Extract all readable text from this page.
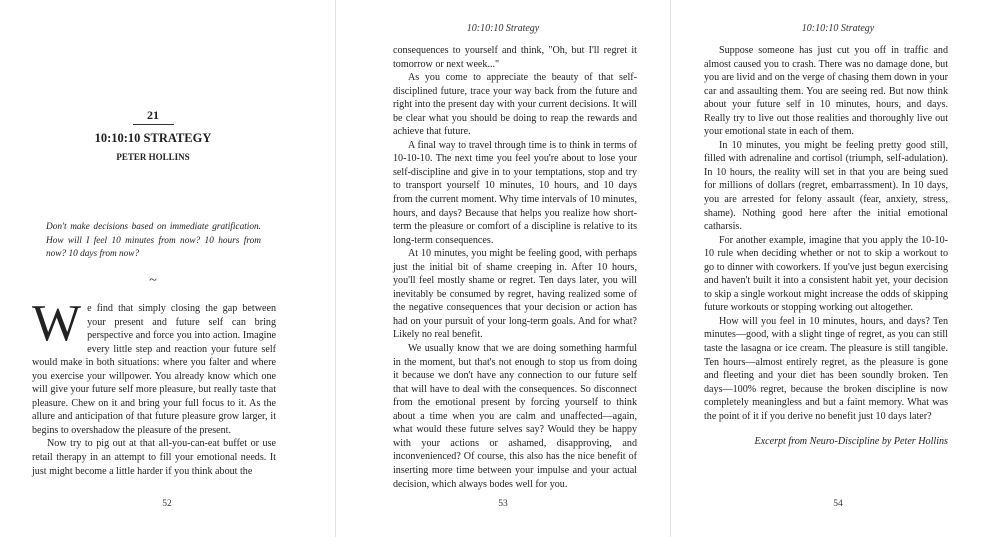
21
10:10:10 STRATEGY
PETER HOLLINS
Don't make decisions based on immediate gratification. How will I feel 10 minutes from now? 10 hours from now? 10 days from now?
~

We find that simply closing the gap between your present and future self can bring perspective and force you into action. Imagine every little step and reaction your future self would make in both situations: where you falter and where you exercise your willpower. You already know which one will give your future self more pleasure, but really taste that pleasure. Chew on it and bring your full focus to it. As the allure and anticipation of that future pleasure grow larger, it begins to overshadow the pleasure of the present.

Now try to pig out at that all-you-can-eat buffet or use retail therapy in an attempt to fill your emotional needs. It just might become a little harder if you think about the

52
10:10:10 Strategy

consequences to yourself and think, "Oh, but I'll regret it tomorrow or next week..."

As you come to appreciate the beauty of that self-disciplined future, trace your way back from the future and right into the present day with your current decisions. It will be clear what you should be doing to reap the rewards and achieve that future.

A final way to travel through time is to think in terms of 10-10-10. The next time you feel you're about to lose your self-discipline and give in to your temptations, stop and try to transport yourself 10 minutes, 10 hours, and 10 days from the current moment. Why time intervals of 10 minutes, hours, and days? Because that helps you realize how short-term the pleasure or comfort of a discipline is relative to its long-term consequences.

At 10 minutes, you might be feeling good, with perhaps just the initial bit of shame creeping in. After 10 hours, you'll feel mostly shame or regret. Ten days later, you will inevitably be consumed by regret, having realized some of the negative consequences that your decision or action has had on your pursuit of your long-term goals. And for what? Likely no real benefit.

We usually know that we are doing something harmful in the moment, but that's not enough to stop us from doing it because we don't have any connection to our future self that will have to deal with the consequences. So disconnect from the emotional present by forcing yourself to think about a time when you are calm and unaffected—again, what would these future selves say? Would they be happy with your actions or ashamed, disapproving, and inconvenienced? Of course, this also has the nice benefit of inserting more time between your impulse and your actual decision, which always bodes well for you.

53
10:10:10 Strategy

Suppose someone has just cut you off in traffic and almost caused you to crash. There was no damage done, but you are livid and on the verge of chasing them down in your car and assaulting them. You are seeing red. But now think about your future self in 10 minutes, hours, and days. Really try to live out those realities and thoroughly live out your emotional state in each of them.

In 10 minutes, you might be feeling pretty good still, filled with adrenaline and cortisol (triumph, self-adulation). In 10 hours, the reality will set in that you are being sued for millions of dollars (regret, embarrassment). In 10 days, you are arrested for felony assault (fear, anxiety, stress, shame). Nothing good here after the initial emotional catharsis.

For another example, imagine that you apply the 10-10-10 rule when deciding whether or not to skip a workout to go to dinner with coworkers. If you've just begun exercising and haven't built it into a consistent habit yet, your decision to skip a single workout might increase the odds of skipping future workouts or stopping working out altogether.

How will you feel in 10 minutes, hours, and days? Ten minutes—good, with a slight tinge of regret, as you can still taste the lasagna or ice cream. The pleasure is still tangible. Ten hours—almost entirely regret, as the pleasure is gone and fleeting and your diet has been soundly broken. Ten days—100% regret, because the broken discipline is now completely meaningless and but a faint memory. What was the point of it if you derive no benefit just 10 days later?

Excerpt from Neuro-Discipline by Peter Hollins

54
